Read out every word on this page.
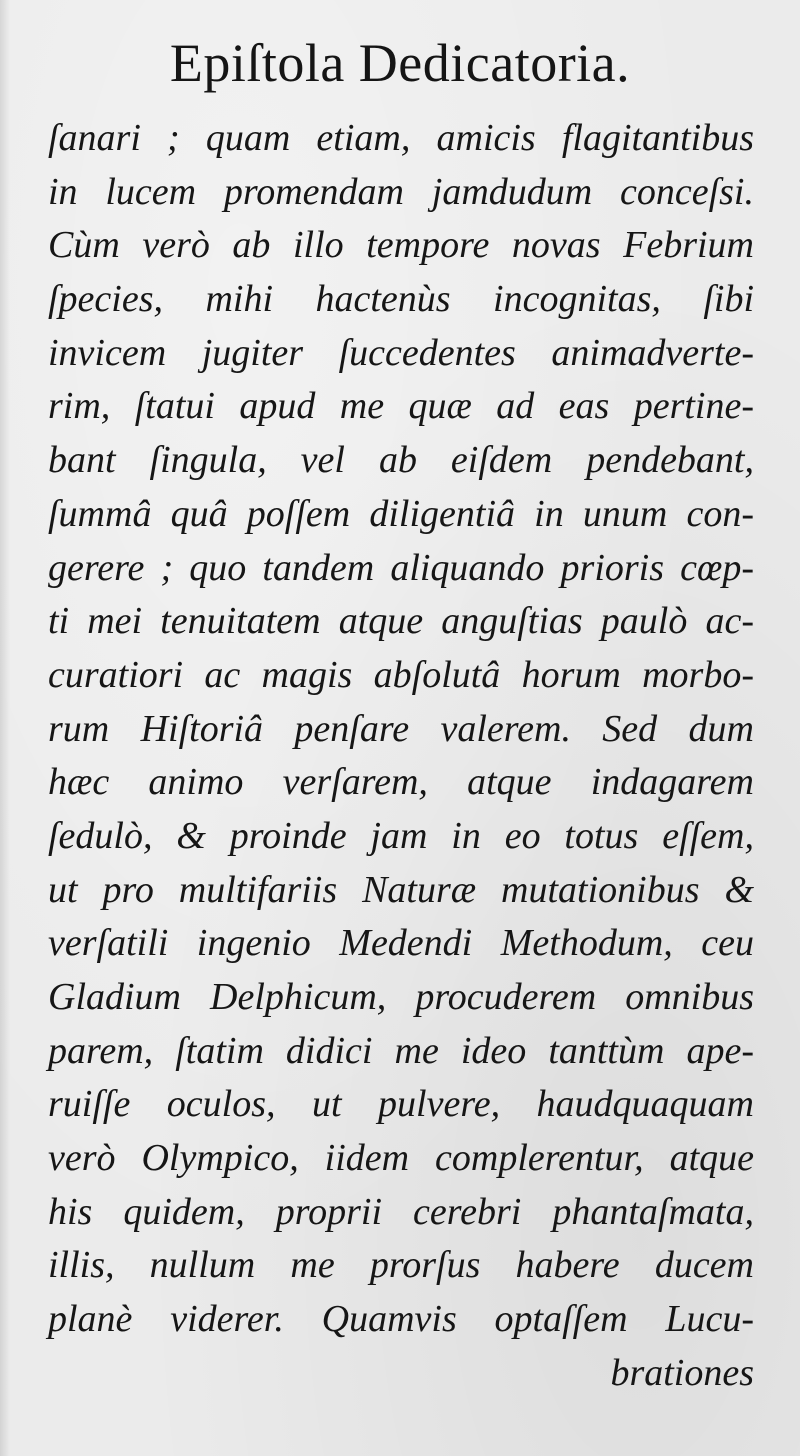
Epiſtola Dedicatoria.
ſanari ; quam etiam, amicis flagitantibus
in lucem promendam jamdudum conceſsi.
Cùm verò ab illo tempore novas Febrium
ſpecies, mihi hactenùs incognitas, ſibi
invicem jugiter ſuccedentes animadverte-
rim, ſtatui apud me quæ ad eas pertine-
bant ſingula, vel ab eiſdem pendebant,
ſummâ quâ poſſem diligentiâ in unum con-
gerere ; quo tandem aliquando prioris cœp-
ti mei tenuitatem atque anguſtias paulò ac-
curatiori ac magis abſolutâ horum morbo-
rum Hiſtoriâ penſare valerem. Sed dum
hæc animo verſarem, atque indagarem
ſedulò, & proinde jam in eo totus eſſem,
ut pro multifariis Naturæ mutationibus &
verſatili ingenio Medendi Methodum, ceu
Gladium Delphicum, procuderem omnibus
parem, ſtatim didici me ideo tanttùm ape-
ruiſſe oculos, ut pulvere, haudquaquam
verò Olympico, iidem complerentur, atque
his quidem, proprii cerebri phantaſmata,
illis, nullum me prorſus habere ducem
planè viderer. Quamvis optaſſem Lucu-
brationes
